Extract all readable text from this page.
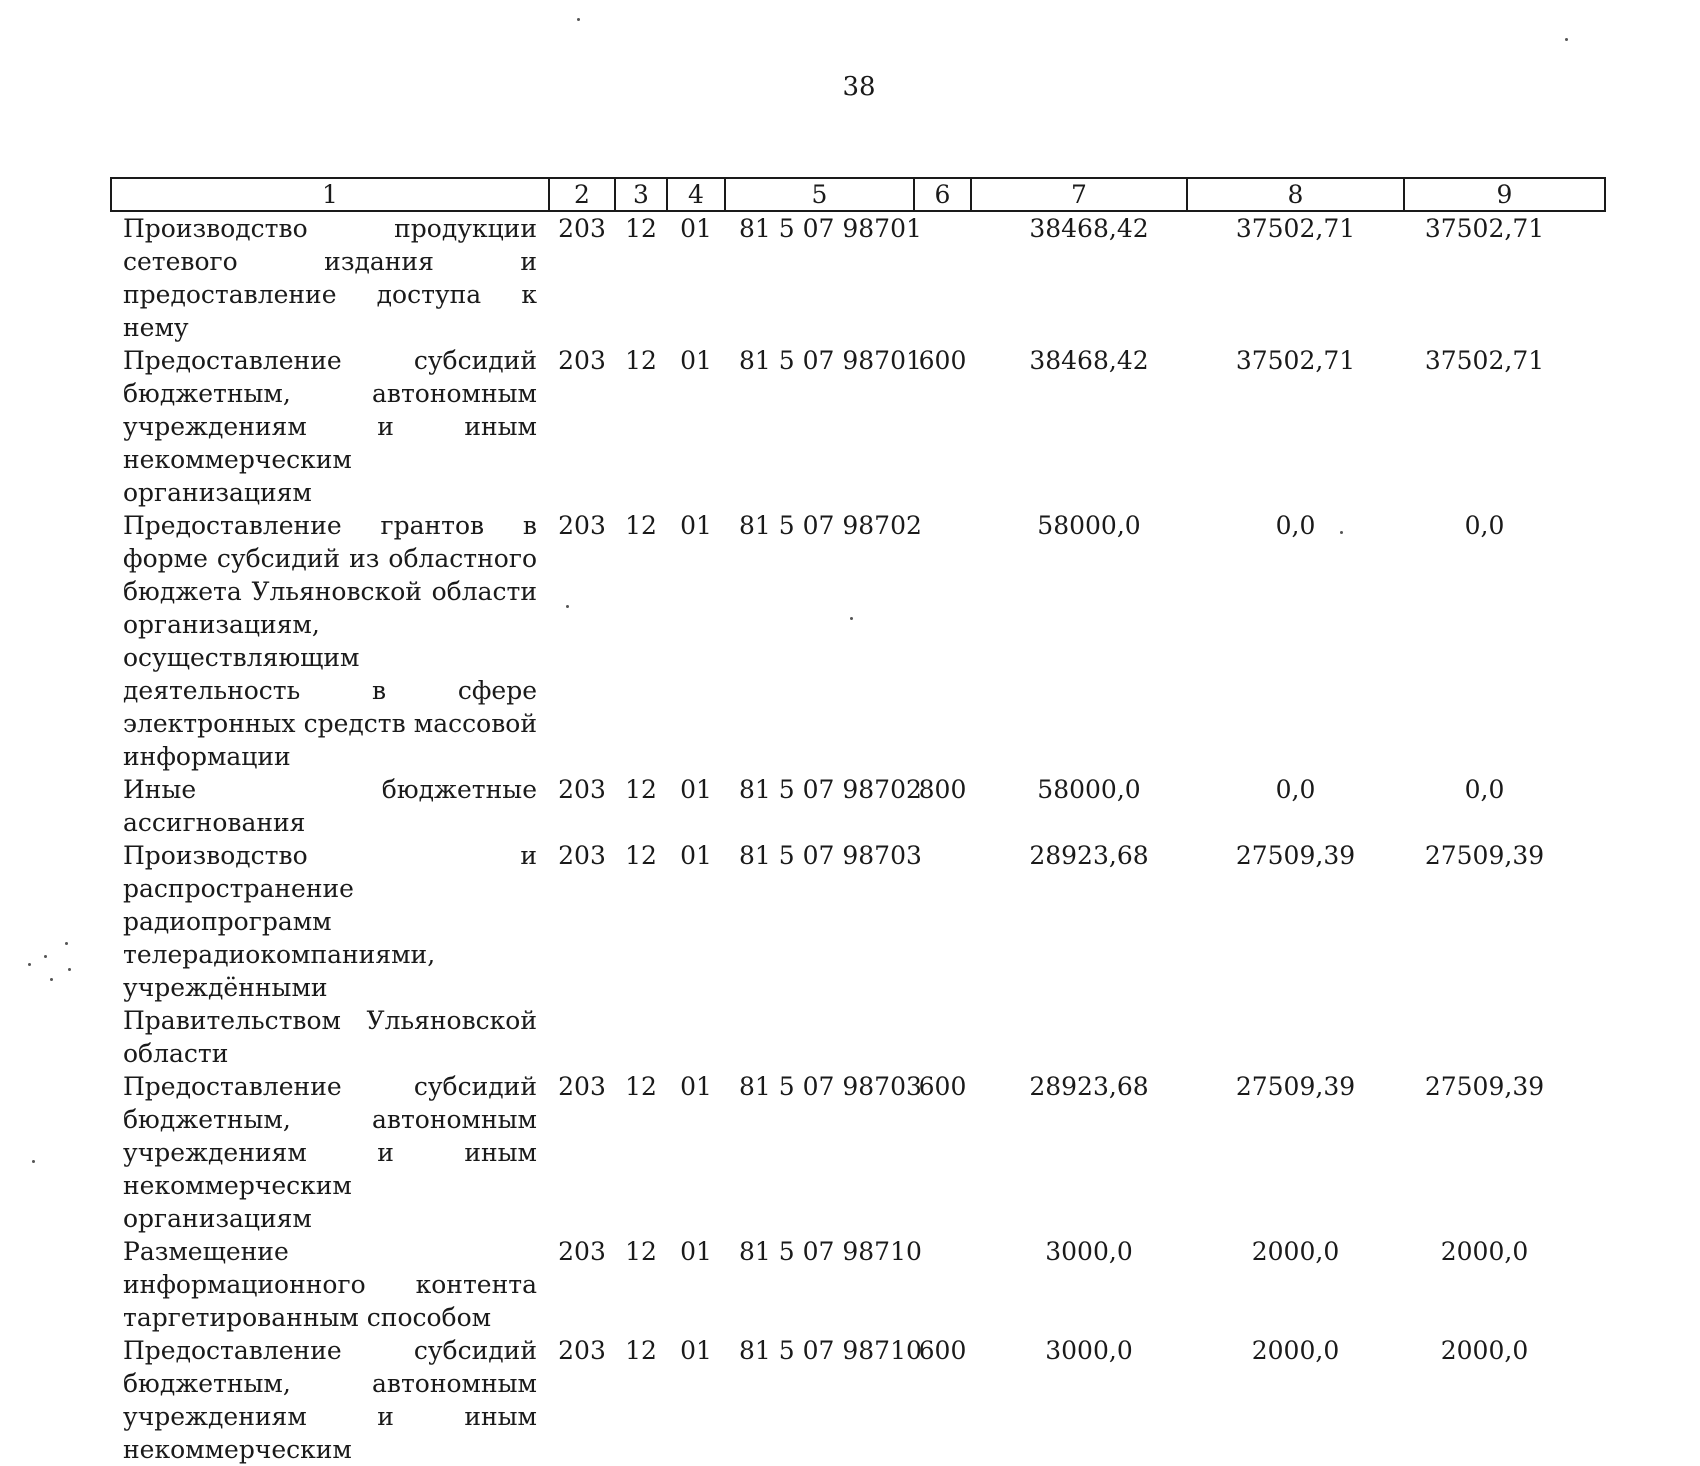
38
1	2	3	4	5	6	7	8	9
Производство продукции сетевого издания и предоставление доступа к нему	203	12	01	81 5 07 98701		38468,42	37502,71	37502,71
Предоставление субсидий бюджетным, автономным учреждениям и иным некоммерческим организациям	203	12	01	81 5 07 98701	600	38468,42	37502,71	37502,71
Предоставление грантов в форме субсидий из областного бюджета Ульяновской области организациям, осуществляющим деятельность в сфере электронных средств массовой информации	203	12	01	81 5 07 98702		58000,0	0,0	0,0
Иные бюджетные ассигнования	203	12	01	81 5 07 98702	800	58000,0	0,0	0,0
Производство и распространение радиопрограмм телерадиокомпаниями, учреждёнными Правительством Ульяновской области	203	12	01	81 5 07 98703		28923,68	27509,39	27509,39
Предоставление субсидий бюджетным, автономным учреждениям и иным некоммерческим организациям	203	12	01	81 5 07 98703	600	28923,68	27509,39	27509,39
Размещение информационного контента таргетированным способом	203	12	01	81 5 07 98710		3000,0	2000,0	2000,0
Предоставление субсидий бюджетным, автономным учреждениям и иным некоммерческим	203	12	01	81 5 07 98710	600	3000,0	2000,0	2000,0
